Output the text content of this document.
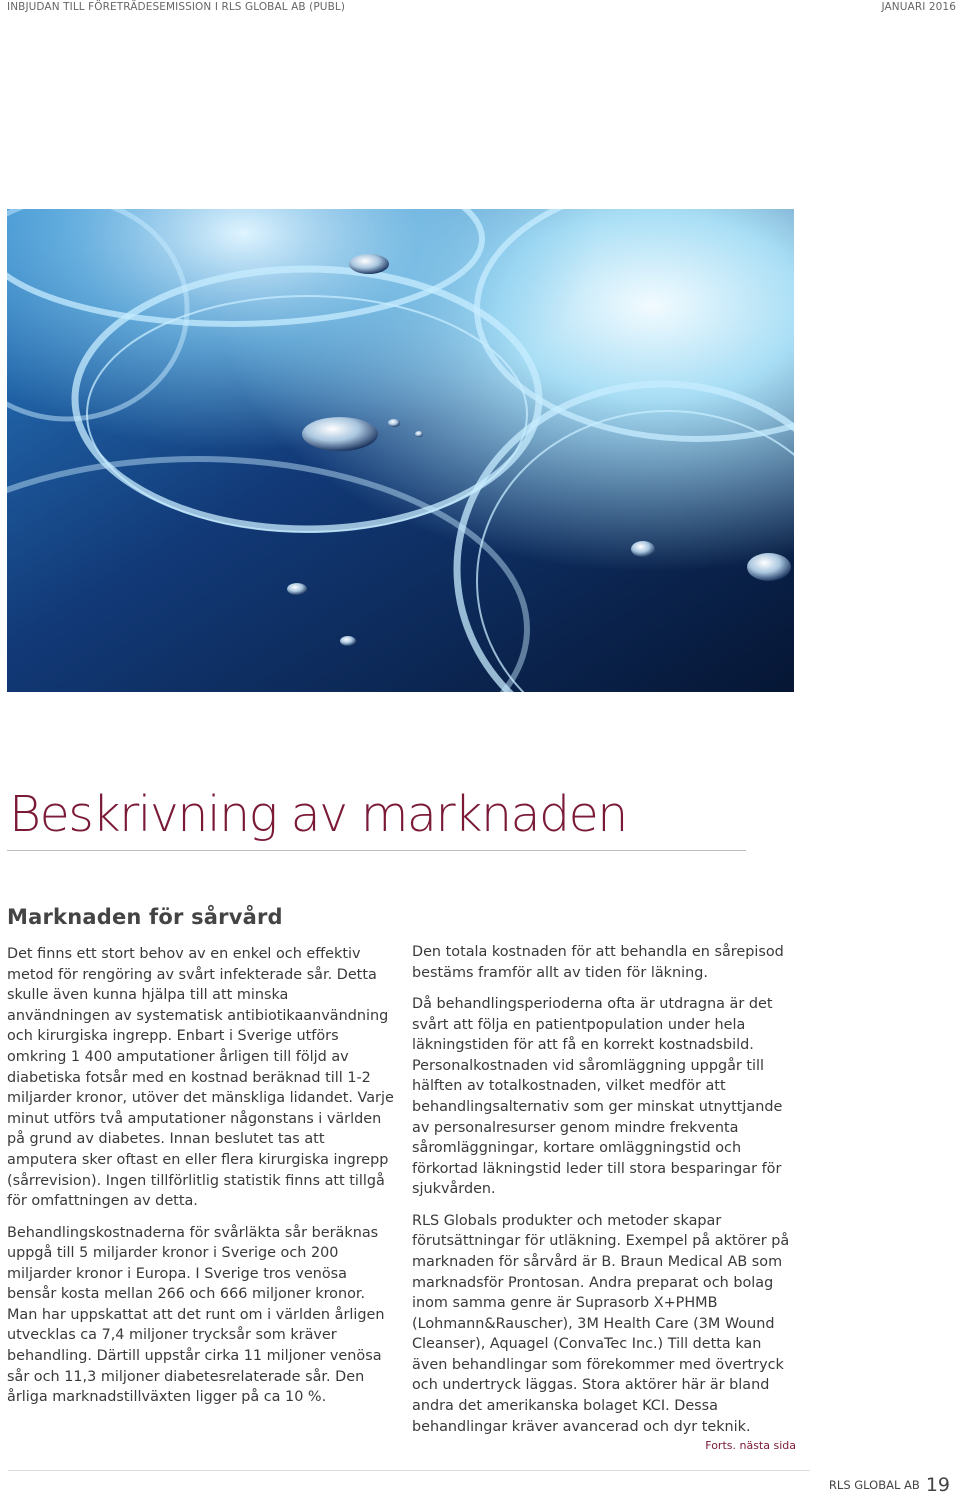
INBJUDAN TILL FÖRETRÄDESEMISSION I RLS GLOBAL AB (PUBL)	JANUARI 2016
Beskrivning av marknaden
Marknaden för sårvård

Det finns ett stort behov av en enkel och effektiv metod för rengöring av svårt infekterade sår. Detta skulle även kunna hjälpa till att minska användningen av systematisk antibiotikaanvändning och kirurgiska ingrepp. Enbart i Sverige utförs omkring 1 400 amputationer årligen till följd av diabetiska fotsår med en kostnad beräknad till 1-2 miljarder kronor, utöver det mänskliga lidandet. Varje minut utförs två amputationer någonstans i världen på grund av diabetes. Innan beslutet tas att amputera sker oftast en eller flera kirurgiska ingrepp (sårrevision). Ingen tillförlitlig statistik finns att tillgå för omfattningen av detta.

Behandlingskostnaderna för svårläkta sår beräknas uppgå till 5 miljarder kronor i Sverige och 200 miljarder kronor i Europa. I Sverige tros venösa bensår kosta mellan 266 och 666 miljoner kronor. Man har uppskattat att det runt om i världen årligen utvecklas ca 7,4 miljoner trycksår som kräver behandling. Därtill uppstår cirka 11 miljoner venösa sår och 11,3 miljoner diabetesrelaterade sår. Den årliga marknadstillväxten ligger på ca 10 %.

Den totala kostnaden för att behandla en sårepisod bestäms framför allt av tiden för läkning.

Då behandlingsperioderna ofta är utdragna är det svårt att följa en patientpopulation under hela läkningstiden för att få en korrekt kostnadsbild. Personalkostnaden vid såromläggning uppgår till hälften av totalkostnaden, vilket medför att behandlingsalternativ som ger minskat utnyttjande av personalresurser genom mindre frekventa såromläggningar, kortare omläggningstid och förkortad läkningstid leder till stora besparingar för sjukvården.

RLS Globals produkter och metoder skapar förutsättningar för utläkning. Exempel på aktörer på marknaden för sårvård är B. Braun Medical AB som marknadsför Prontosan. Andra preparat och bolag inom samma genre är Suprasorb X+PHMB (Lohmann&Rauscher), 3M Health Care (3M Wound Cleanser), Aquagel (ConvaTec Inc.) Till detta kan även behandlingar som förekommer med övertryck och undertryck läggas. Stora aktörer här är bland andra det amerikanska bolaget KCI. Dessa behandlingar kräver avancerad och dyr teknik.

Forts. nästa sida
RLS GLOBAL AB 19
